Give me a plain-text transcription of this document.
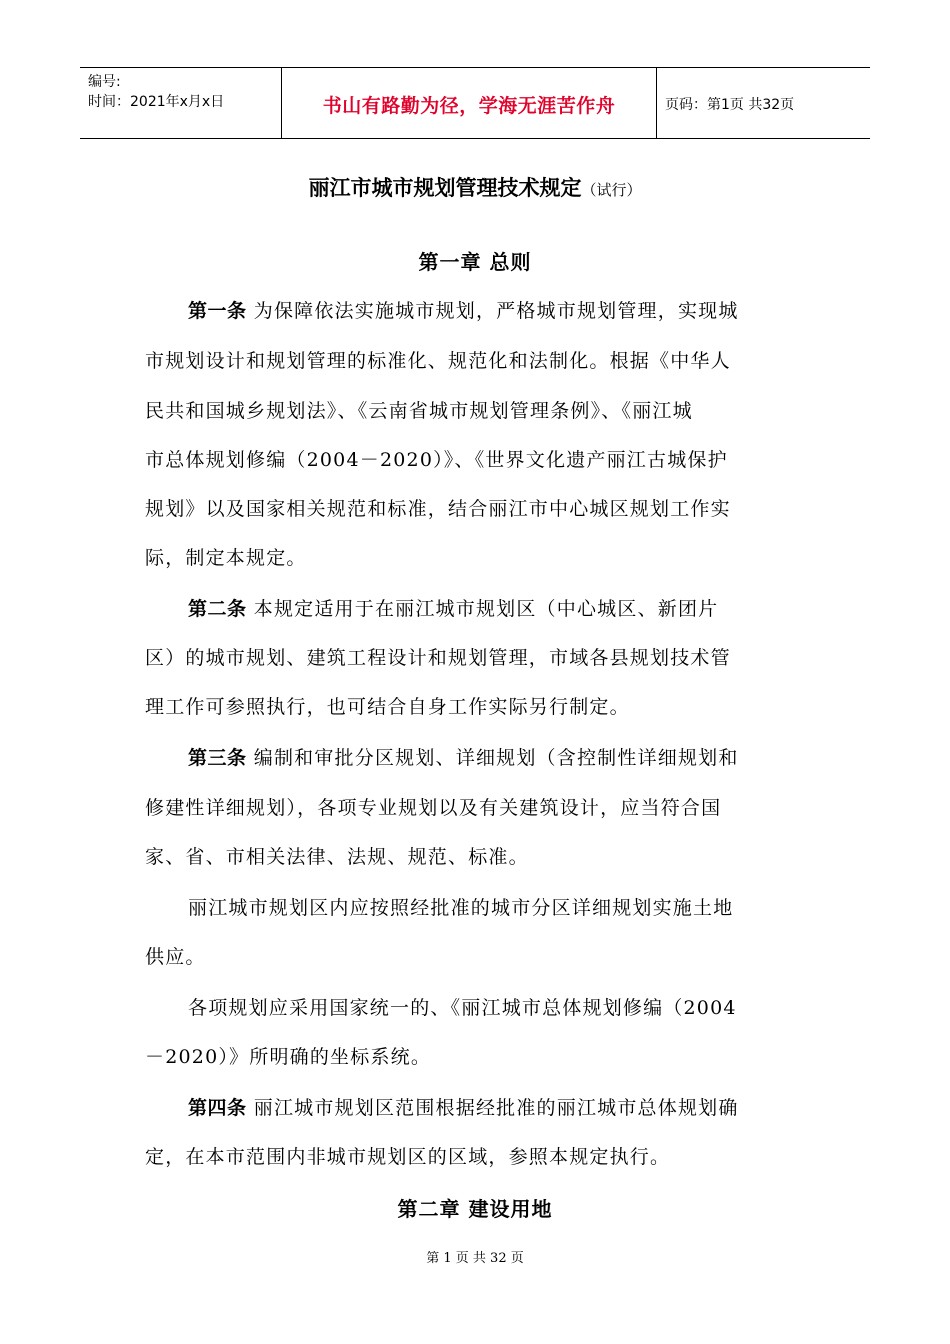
编号:
时间：2021年x月x日	书山有路勤为径，学海无涯苦作舟	页码：第1页 共32页
丽江市城市规划管理技术规定（试行）
第一章 总则
第一条 为保障依法实施城市规划，严格城市规划管理，实现城
市规划设计和规划管理的标准化、规范化和法制化。根据《中华人
民共和国城乡规划法》、《云南省城市规划管理条例》、《丽江城
市总体规划修编（2004－2020）》、《世界文化遗产丽江古城保护
规划》以及国家相关规范和标准，结合丽江市中心城区规划工作实
际，制定本规定。
第二条 本规定适用于在丽江城市规划区（中心城区、新团片
区）的城市规划、建筑工程设计和规划管理，市域各县规划技术管
理工作可参照执行，也可结合自身工作实际另行制定。
第三条 编制和审批分区规划、详细规划（含控制性详细规划和
修建性详细规划），各项专业规划以及有关建筑设计，应当符合国
家、省、市相关法律、法规、规范、标准。
丽江城市规划区内应按照经批准的城市分区详细规划实施土地
供应。
各项规划应采用国家统一的、《丽江城市总体规划修编（2004
－2020）》所明确的坐标系统。
第四条 丽江城市规划区范围根据经批准的丽江城市总体规划确
定，在本市范围内非城市规划区的区域，参照本规定执行。
第二章 建设用地
第 1 页 共 32 页
